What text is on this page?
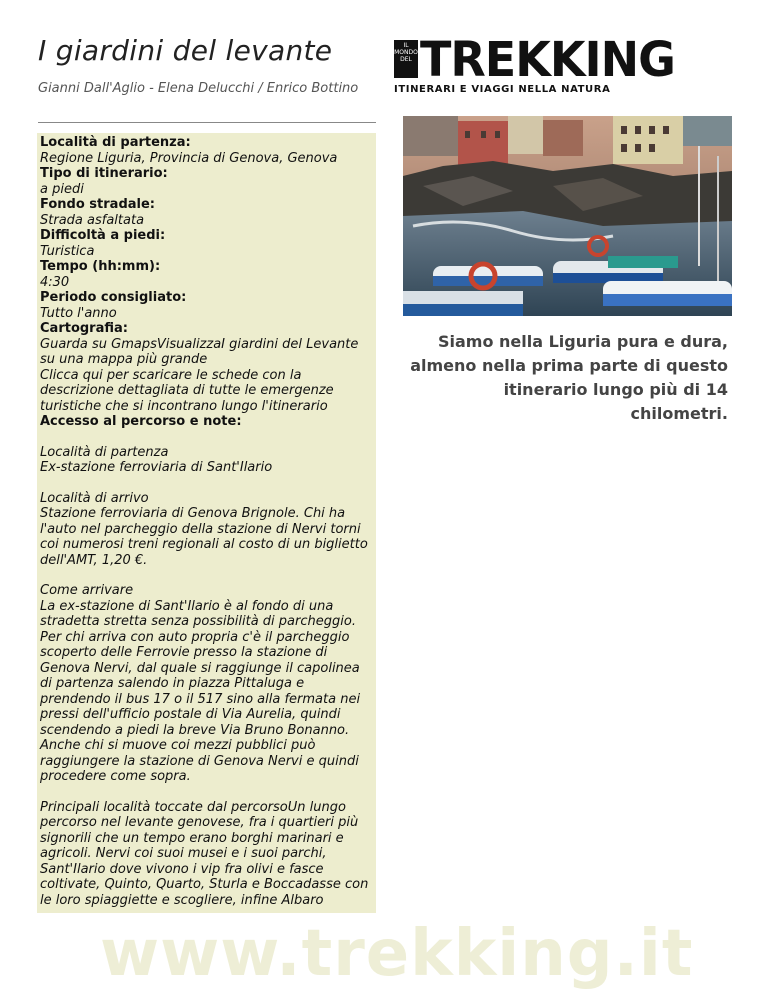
I giardini del levante
Gianni Dall'Aglio - Elena Delucchi / Enrico Bottino
IL MONDO DEL TREKKING
ITINERARI E VIAGGI NELLA NATURA

Siamo nella Liguria pura e dura, almeno nella prima parte di questo itinerario lungo più di 14 chilometri.

Località di partenza:
Regione Liguria, Provincia di Genova, Genova
Tipo di itinerario:
a piedi
Fondo stradale:
Strada asfaltata
Difficoltà a piedi:
Turistica
Tempo (hh:mm):
4:30
Periodo consigliato:
Tutto l'anno
Cartografia:
Guarda su GmapsVisualizzaI giardini del Levante su una mappa più grande
Clicca qui per scaricare le schede con la descrizione dettagliata di tutte le emergenze turistiche che si incontrano lungo l'itinerario
Accesso al percorso e note:
Località di partenza
Ex-stazione ferroviaria di Sant'Ilario
Località di arrivo
Stazione ferroviaria di Genova Brignole. Chi ha l'auto nel parcheggio della stazione di Nervi torni coi numerosi treni regionali al costo di un biglietto dell'AMT, 1,20 €.
Come arrivare
La ex-stazione di Sant'Ilario è al fondo di una stradetta stretta senza possibilità di parcheggio. Per chi arriva con auto propria c'è il parcheggio scoperto delle Ferrovie presso la stazione di Genova Nervi, dal quale si raggiunge il capolinea di partenza salendo in piazza Pittaluga e prendendo il bus 17 o il 517 sino alla fermata nei pressi dell'ufficio postale di Via Aurelia, quindi scendendo a piedi la breve Via Bruno Bonanno. Anche chi si muove coi mezzi pubblici può raggiungere la stazione di Genova Nervi e quindi procedere come sopra.
Principali località toccate dal percorsoUn lungo percorso nel levante genovese, fra i quartieri più signorili che un tempo erano borghi marinari e agricoli. Nervi coi suoi musei e i suoi parchi, Sant'Ilario dove vivono i vip fra olivi e fasce coltivate, Quinto, Quarto, Sturla e Boccadasse con le loro spiaggiette e scogliere, infine Albaro
www.trekking.it
